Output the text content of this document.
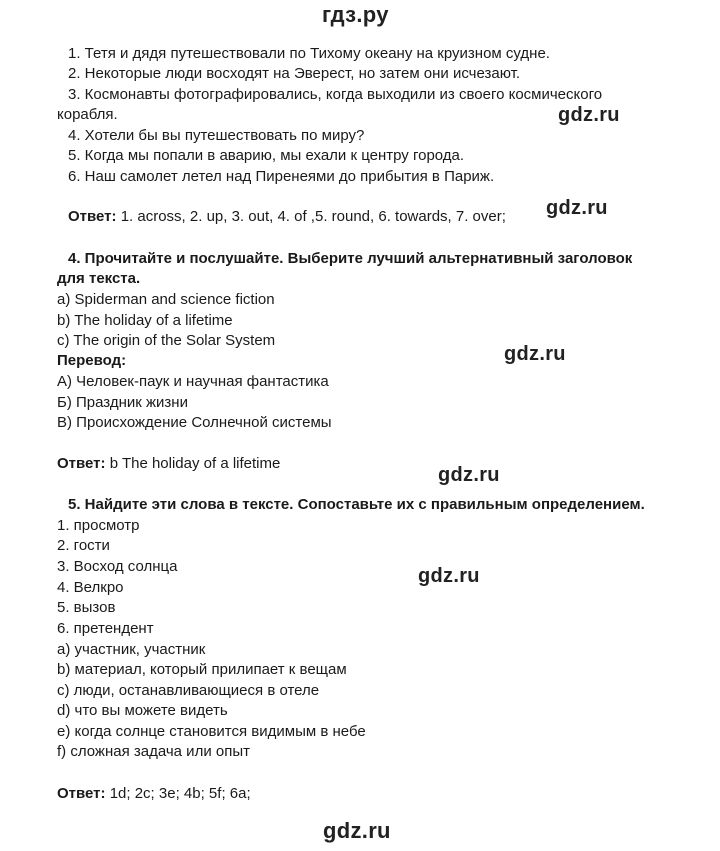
гдз.ру
1. Тетя и дядя путешествовали по Тихому океану на круизном судне.
2. Некоторые люди восходят на Эверест, но затем они исчезают.
3. Космонавты фотографировались, когда выходили из своего космического
корабля.
4. Хотели бы вы путешествовать по миру?
5. Когда мы попали в аварию, мы ехали к центру города.
6. Наш самолет летел над Пиренеями до прибытия в Париж.
gdz.ru
Ответ: 1. across, 2. up, 3. out, 4. of ,5. round, 6. towards, 7. over; gdz.ru
4. Прочитайте и послушайте. Выберите лучший альтернативный заголовок
для текста.
a) Spiderman and science fiction
b) The holiday of a lifetime
c) The origin of the Solar System
Перевод:
А) Человек-паук и научная фантастика
Б) Праздник жизни
В) Происхождение Солнечной системы
gdz.ru
Ответ: b The holiday of a lifetime
gdz.ru
5. Найдите эти слова в тексте. Сопоставьте их с правильным определением.
1. просмотр
2. гости
3. Восход солнца
4. Велкро
5. вызов
6. претендент
a) участник, участник
b) материал, который прилипает к вещам
c) люди, останавливающиеся в отеле
d) что вы можете видеть
e) когда солнце становится видимым в небе
f) сложная задача или опыт
gdz.ru
Ответ: 1d; 2c; 3e; 4b; 5f; 6a;
gdz.ru
